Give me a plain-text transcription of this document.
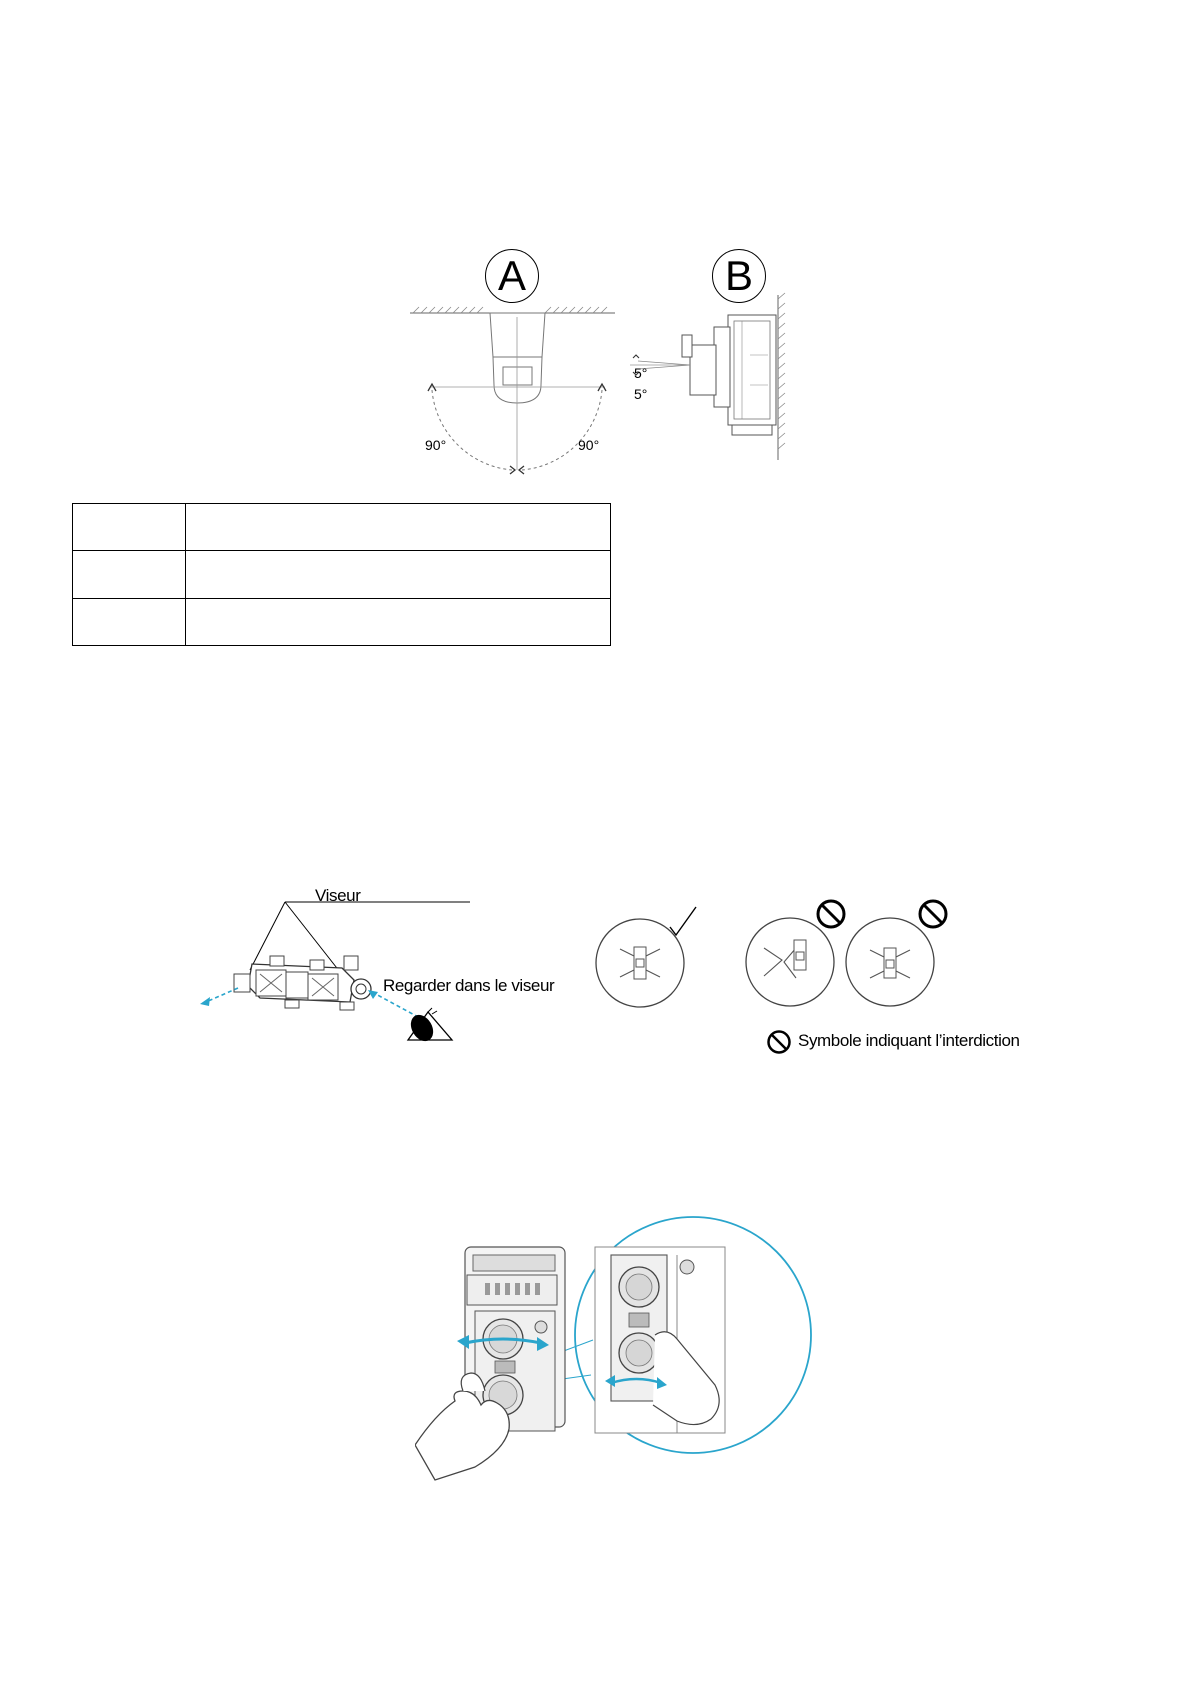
A
90°	90°
B
5°
5°

Viseur
Regarder dans le viseur
Symbole indiquant l’interdiction
